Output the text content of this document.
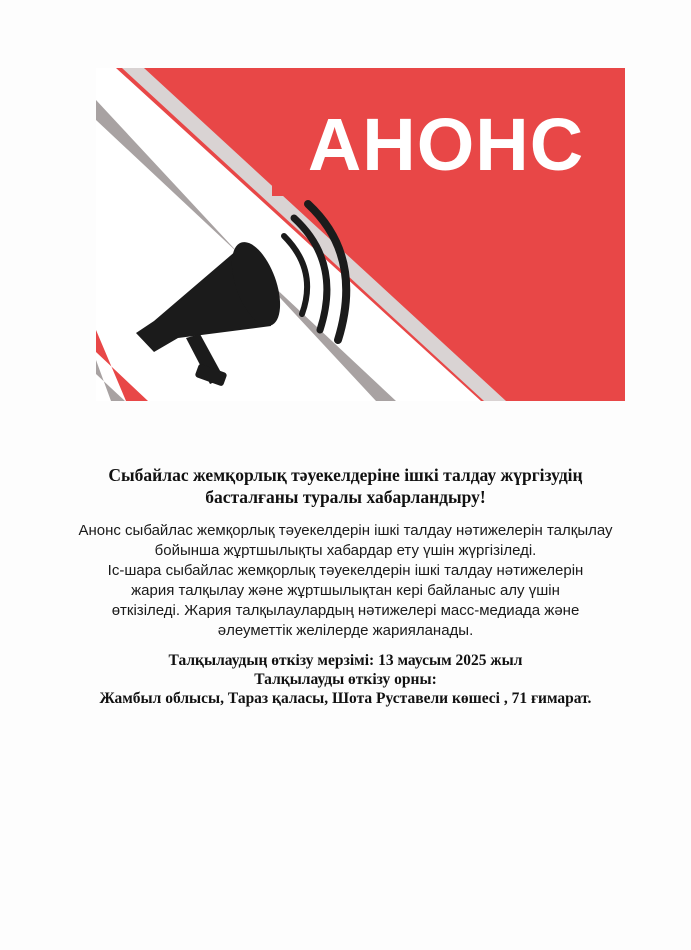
АНОНС
Сыбайлас жемқорлық тәуекелдеріне ішкі талдау жүргізудің
басталғаны туралы хабарландыру!
Анонс сыбайлас жемқорлық тәуекелдерін ішкі талдау нәтижелерін талқылау
бойынша жұртшылықты хабардар ету үшін жүргізіледі.
Іс-шара сыбайлас жемқорлық тәуекелдерін ішкі талдау нәтижелерін
жария талқылау және жұртшылықтан кері байланыс алу үшін
өткізіледі. Жария талқылаулардың нәтижелері масс-медиада және
әлеуметтік желілерде жарияланады.
Талқылаудың өткізу мерзімі: 13 маусым 2025 жыл
Талқылауды өткізу орны:
Жамбыл облысы, Тараз қаласы, Шота Руставели көшесі , 71 ғимарат.
